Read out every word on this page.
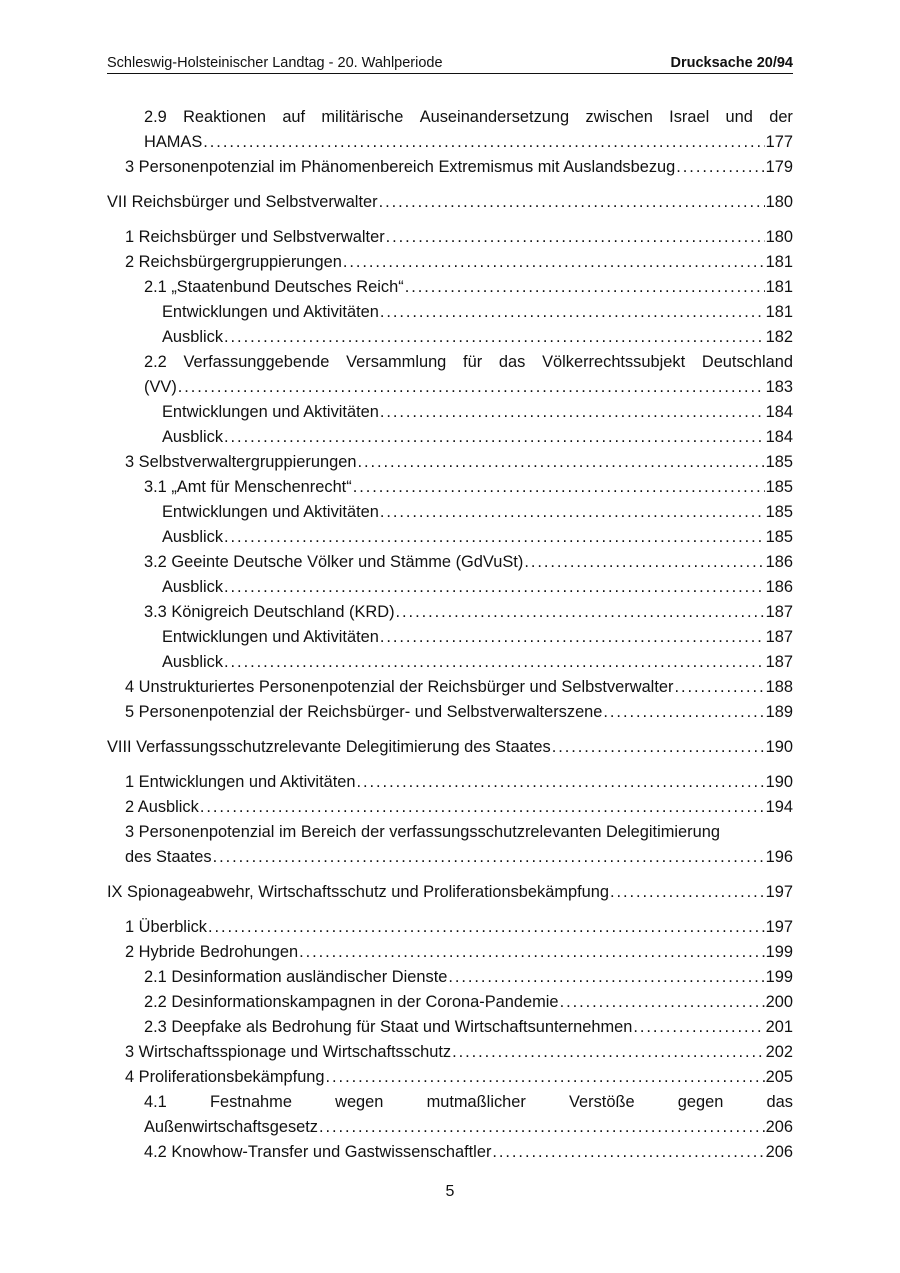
Schleswig-Holsteinischer Landtag - 20. Wahlperiode	Drucksache 20/94
2.9 Reaktionen auf militärische Auseinandersetzung zwischen Israel und der
HAMAS . . .	177
3 Personenpotenzial im Phänomenbereich Extremismus mit Auslandsbezug . . .	179
VII Reichsbürger und Selbstverwalter . . .	180
1 Reichsbürger und Selbstverwalter . . .	180
2 Reichsbürgergruppierungen . . .	181
2.1 „Staatenbund Deutsches Reich“ . . .	181
Entwicklungen und Aktivitäten . . .	181
Ausblick . . .	182
2.2 Verfassunggebende Versammlung für das Völkerrechtssubjekt Deutschland
(VV) . . .	183
Entwicklungen und Aktivitäten . . .	184
Ausblick . . .	184
3 Selbstverwaltergruppierungen . . .	185
3.1 „Amt für Menschenrecht“ . . .	185
Entwicklungen und Aktivitäten . . .	185
Ausblick . . .	185
3.2 Geeinte Deutsche Völker und Stämme (GdVuSt) . . .	186
Ausblick . . .	186
3.3 Königreich Deutschland (KRD) . . .	187
Entwicklungen und Aktivitäten . . .	187
Ausblick . . .	187
4 Unstrukturiertes Personenpotenzial der Reichsbürger und Selbstverwalter . . .	188
5 Personenpotenzial der Reichsbürger- und Selbstverwalterszene . . .	189
VIII Verfassungsschutzrelevante Delegitimierung des Staates . . .	190
1 Entwicklungen und Aktivitäten . . .	190
2 Ausblick . . .	194
3 Personenpotenzial im Bereich der verfassungsschutzrelevanten Delegitimierung
des Staates . . .	196
IX Spionageabwehr, Wirtschaftsschutz und Proliferationsbekämpfung . . .	197
1 Überblick . . .	197
2 Hybride Bedrohungen . . .	199
2.1 Desinformation ausländischer Dienste . . .	199
2.2 Desinformationskampagnen in der Corona-Pandemie . . .	200
2.3 Deepfake als Bedrohung für Staat und Wirtschaftsunternehmen . . .	201
3 Wirtschaftsspionage und Wirtschaftsschutz . . .	202
4 Proliferationsbekämpfung . . .	205
4.1	Festnahme	wegen	mutmaßlicher	Verstöße	gegen	das
Außenwirtschaftsgesetz . . .	206
4.2 Knowhow-Transfer und Gastwissenschaftler . . .	206
5
